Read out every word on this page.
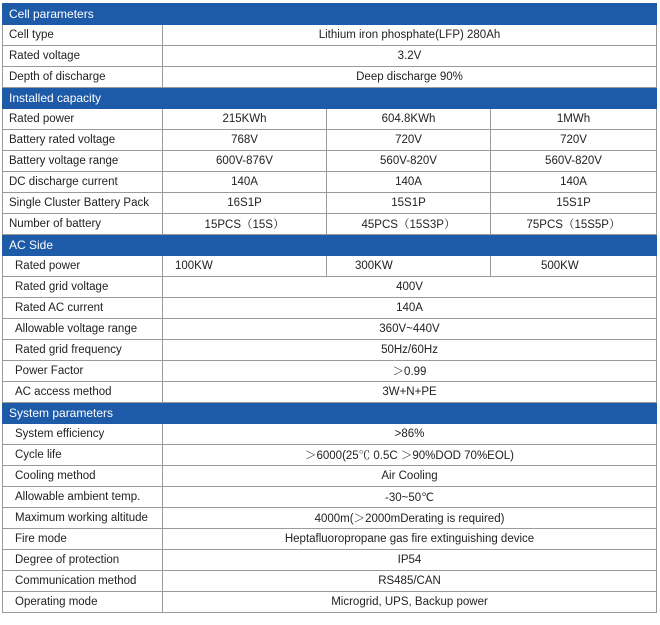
Cell parameters			
Cell type	Lithium iron phosphate(LFP) 280Ah		
Rated voltage	3.2V		
Depth of discharge	Deep discharge 90%		
Installed capacity			
Rated power	215KWh	604.8KWh	1MWh
Battery rated voltage	768V	720V	720V
Battery voltage range	600V-876V	560V-820V	560V-820V
DC discharge current	140A	140A	140A
Single Cluster Battery Pack	16S1P	15S1P	15S1P
Number of battery	15PCS（15S）	45PCS（15S3P）	75PCS（15S5P）
AC Side			
Rated power	100KW	300KW	500KW
Rated grid voltage	400V		
Rated AC current	140A		
Allowable voltage range	360V~440V		
Rated grid frequency	50Hz/60Hz		
Power Factor	＞0.99		
AC access method	3W+N+PE		
System parameters			
System efficiency	>86%		
Cycle life	＞6000(25℃ 0.5C ＞90%DOD 70%EOL)		
Cooling method	Air Cooling		
Allowable ambient temp.	-30~50℃		
Maximum working altitude	4000m(＞2000mDerating is required)		
Fire mode	Heptafluoropropane gas fire extinguishing device		
Degree of protection	IP54		
Communication method	RS485/CAN		
Operating mode	Microgrid, UPS, Backup power		
